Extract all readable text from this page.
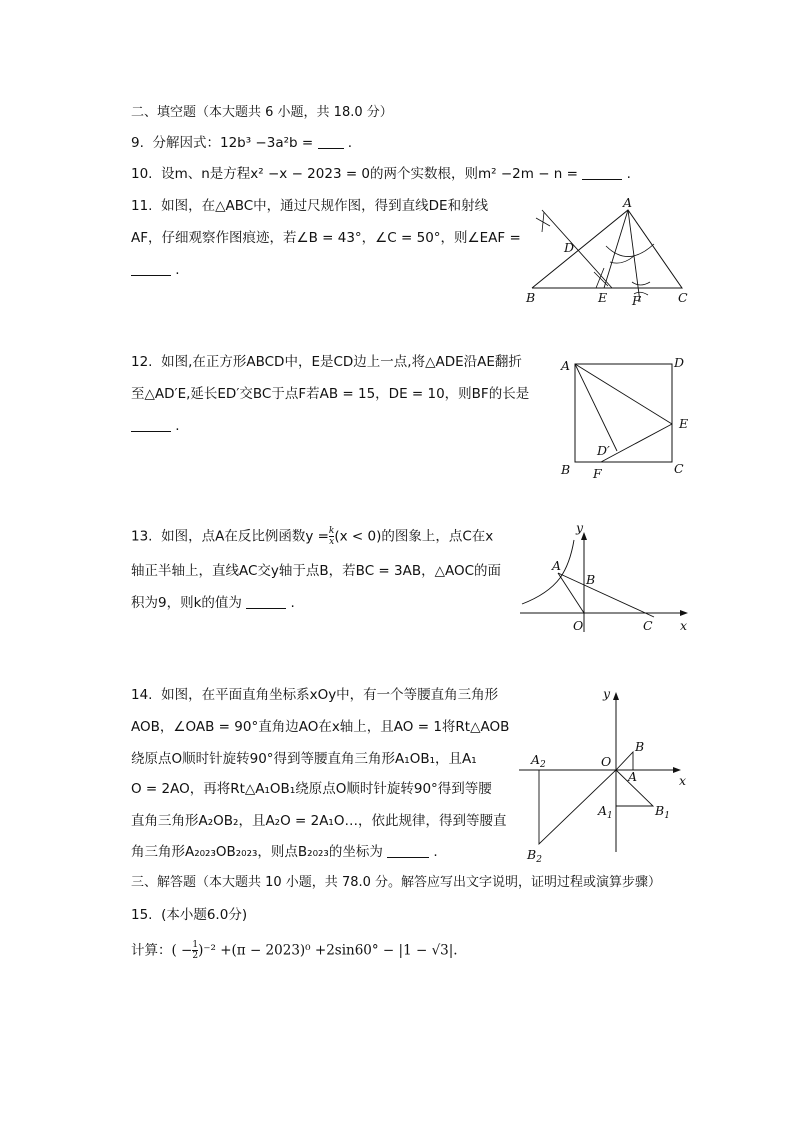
二、填空题（本大题共 6 小题，共 18.0 分）
9. 分解因式：12b³ −3a²b =	.
10. 设m、n是方程x² −x − 2023 = 0的两个实数根，则m² −2m − n =	.
11. 如图，在△ABC中，通过尺规作图，得到直线DE和射线
AF，仔细观察作图痕迹，若∠B = 43°，∠C = 50°，则∠EAF =
.
A
B	C
D
E F
12. 如图,在正方形ABCD中，E是CD边上一点,将△ADE沿AE翻折
至△AD′E,延长ED′交BC于点F若AB = 15，DE = 10，则BF的长是
.
A	D
B	C
E
F
D′
13. 如图，点A在反比例函数$y = \frac{k}{x} (x < 0)$的图象上，点C在x
轴正半轴上，直线AC交y轴于点B，若BC = 3AB，△AOC的面
积为9，则k的值为	.
A
B
C
O	x
y
14. 如图，在平面直角坐标系xOy中，有一个等腰直角三角形
AOB，∠OAB = 90°直角边AO在x轴上，且AO = 1将Rt△AOB
绕原点O顺时针旋转90°得到等腰直角三角形A₁OB₁，且A₁
O = 2AO，再将Rt△A₁OB₁绕原点O顺时针旋转90°得到等腰
直角三角形A₂OB₂，且A₂O = 2A₁O…，依此规律，得到等腰直
角三角形A₂₀₂₃OB₂₀₂₃，则点B₂₀₂₃的坐标为	.
O
A
B
$A_1$	$B_1$
$A_2$
$B_2$
x
y
三、解答题（本大题共 10 小题，共 78.0 分。解答应写出文字说明，证明过程或演算步骤）
15. (本小题6.0分)
计算：( − $\frac{1}{2} )^{-2} +(\pi - 2023)^0 +2\sin 60^\circ - |1 - √3|$.
